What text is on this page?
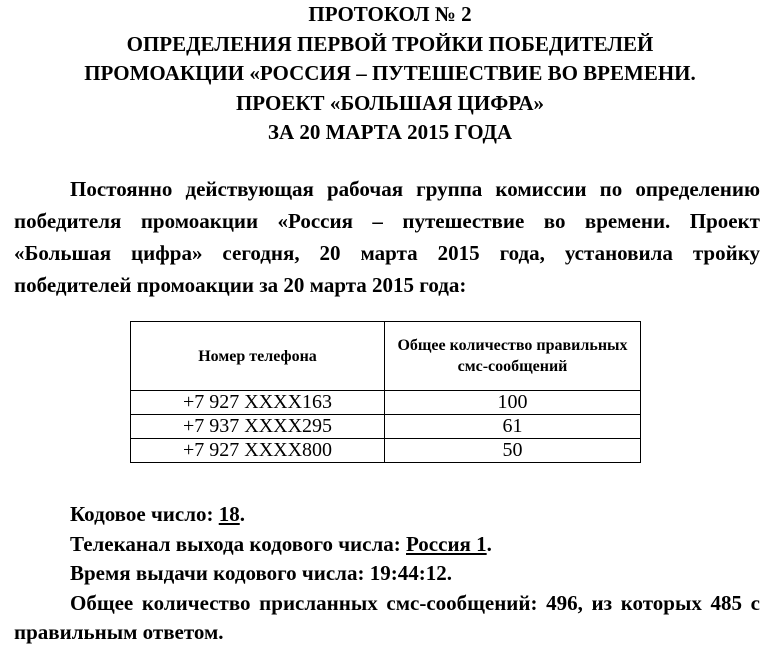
ПРОТОКОЛ № 2
ОПРЕДЕЛЕНИЯ ПЕРВОЙ ТРОЙКИ ПОБЕДИТЕЛЕЙ
ПРОМОАКЦИИ «РОССИЯ – ПУТЕШЕСТВИЕ ВО ВРЕМЕНИ.
ПРОЕКТ «БОЛЬШАЯ ЦИФРА»
ЗА 20 МАРТА 2015 ГОДА
Постоянно действующая рабочая группа комиссии по определению победителя промоакции «Россия – путешествие во времени. Проект «Большая цифра» сегодня, 20 марта 2015 года, установила тройку победителей промоакции за 20 марта 2015 года:
Номер телефона	Общее количество правильных смс-сообщений
+7 927 XXXX163	100
+7 937 XXXX295	61
+7 927 XXXX800	50

Кодовое число: 18.

Телеканал выхода кодового числа: Россия 1.

Время выдачи кодового числа: 19:44:12.

Общее количество присланных смс-сообщений: 496, из которых 485 с правильным ответом.
